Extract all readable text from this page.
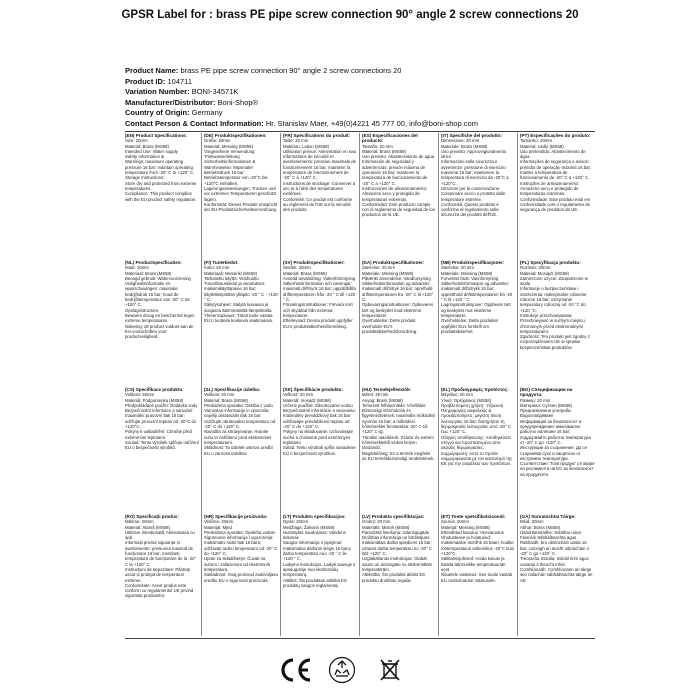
GPSR Label for : brass PE pipe screw connection 90° angle 2 screw connections 20
Product Name: brass PE pipe screw connection 90° angle 2 screw connections 20
Product ID: 104711
Variation Number: BONI-34571K
Manufacturer/Distributor: Boni-Shop®
Country of Origin: Germany
Contact Person & Contact Information: Hr. Stanislav Maer, +49(0)4221 45 777 00, info@boni-shop.com
(EN) Product Specifications:
Size: 20mm
Material: Brass (MS58)
Intended Use: Water supply
Safety Information &
Warnings: maximum operating pressure 16 bar; maintain operating temperature from -20° C to +120° C.
Storage Instructions:
Store dry and protected from extreme temperatures.
Compliance: This product complies with the EU product safety regulation.
(NL) Productspecificaties:
Maat: 20mm
Materiaal: Brass (MS58)
Beoogd gebruik: Watervoorziening
Veiligheidsinformatie en waarschuwingen: maximale bedrijfsdruk 16 bar; houd de bedrijfstemperatuur van -20° C tot +120° C.
Opslaginstructies:
Bewaren droog en beschermd tegen extreme temperaturen.
Naleving: dit product voldoet aan de EU-voorschriften voor productveiligheid.
(CS) Specifikace produktu:
Velikost: 20mm
Materiál: Podporsenka (MS58)
Předpokládané použití: Dodávka vody
Bezpečnostní informace a varování: maximální pracovní tlak 16 bar; udržujte provozní teplotu od -20°C do +120°C.
Pokyny k uskladnění: Chraňte před extrémními teplotami.
Soulad: Tento výrobek splňuje nařízení EU o bezpečnosti výrobků.
(RO) Specificații produs:
Mărime: 20mm
Material: Alamă (MS58)
Utilizare intenționată: Alimentarea cu apă
Informații privind siguranța și avertismente: presiunea maximă de funcționare 16 bar; mențineți temperatura de funcționare de la -20° C la +120° C.
Instrucțiuni de depozitare: Păstrați uscat și protejat de temperaturi extreme.
Conformitate: Acest produs este conform cu regulamentul UE privind siguranța produselor.
(DE) Produktspezifikationen:
Größe: 20mm
Material: Messing (MS58)
Vorgesehene Verwendung: Trinkwasserleitung
Sicherheitsinformationen & Warnhinweise: Maximaler Betriebsdruck 16 bar; Betriebstemperatur von -20°C bis +120°C einhalten.
Lagerungsanweisungen: Trocken und vor extremen Temperaturen geschützt lagern.
Konformität: Dieses Produkt entspricht der EU-Produktsicherheitsverordnung.
(FI) Tuotetiedot:
Koko: 20 mm
Materiaali: Messinki (MS58)
Tarkoitettu käyttö: Vesihuolto
Turvallisuustiedot ja varoitukset: maksimikäyttöpaine 16 bar; käyttölämpötilan ylläpito -20 ° C - +120 ° C.
Säilytysohjeet: Säilytä kuivassa ja suojassa äärimmäisiltä lämpötiloilta.
Yhteensopivuus: Tämä tuote vastaa EU:n tuotteita koskevia vaatimuksia.
(SL) Specifikacije izdelka:
Velikost: 20 mm
Material: Brass (MS58)
Predvidena uporaba: Oskrba z vodo
Varnostne informacije in opozorila: najvišji obratovalni tlak 16 bar; vzdržujte obratovalno temperaturo od -20° C do +120° C.
Navodila za shranjevanje: Hranite suho in zaščiteno pred ekstremnimi temperaturami.
Skladnost: Ta izdelek ustreza uredbi EU o varnosti izdelkov.
(HR) Specifikacije proizvoda:
Veličina: 20mm
Materijal: Mjed
Predviđena uporaba: Opskrba vodom
Sigurnosne informacije i upozorenja: maksimalni radni tlak 16 bara; održavati radnu temperaturu od -20° C do +120° C.
Upute za skladištenje: Čuvati na suhom i zaštićenom od ekstremnih temperatura.
Sukladnost: Ovaj proizvod zadovoljava uredbu EU o sigurnosti proizvoda.
(FR) Spécifications du produit:
Taille: 20 mm
Matériau: Laiton (MS58)
Utilisation prévue: Alimentation en eau
Informations de sécurité et avertissements: pression maximale de fonctionnement 16 bar; maintenir la température de fonctionnement de -20° C à +120° C.
Instructions de stockage: Conserver à sec et à l'abri des températures extrêmes.
Conformité: Ce produit est conforme au règlement de l'UE sur la sécurité des produits.
(SV) Produktspecifikationer:
Storlek: 20mm
Material: Brass (MS58)
Avsedd användning: Vattenförsörjning
Säkerhetsinformation och varningar: maximalt drifttryck 16 bar; upprätthålla drifttemperaturen från -20 ° C till +120 ° C.
Förvaringsinstruktioner: Förvara torrt och skyddad från extrema temperaturer.
Efterlevnad: Denna produkt uppfyller EU:s produktsäkerhetsförordning.
(SK) Špecifikácie produktu:
Veľkosť: 20 mm
Materiál: mosadz (MS58)
Určené použitie: Zásobovanie vodou
Bezpečnostné informácie a varovania: maximálny prevádzkový tlak 16 bar; udržiavajte prevádzkovú teplotu od -20° C do +120° C.
Pokyny na skladovanie: Uchovávajte suché a chránené pred extrémnymi teplotami.
Súlad: Tento výrobok spĺňa nariadenie EÚ o bezpečnosti výrobkov.
(LT) Produkto specifikacijos:
Dydis: 20mm
Medžiaga: Žalvaris (MS58)
Numatytas naudojimas: Vandens tiekimas
Saugos informacija ir įspėjimai: maksimalus darbinis slėgis 16 barų; darbo temperatūra nuo -20 ° C iki +120 ° C.
Laikymo instrukcijos: Laikyti sausoje ir apsaugotoje nuo ekstremalių temperatūrų.
Atitiktis: Šis produktas atitinka ES produktų saugos reglamentą.
(ES) Especificaciones del producto:
Tamaño: 20 mm
Material: Brass (MS58)
Uso previsto: Abastecimiento de agua
Información de seguridad y advertencias: presión máxima de operación 16 bar; mantener la temperatura de funcionamiento de -20° C a +120° C.
Instrucciones de almacenamiento: Almacene seco y protegido de temperaturas extremas.
Conformidad: Este producto cumple con el reglamento de seguridad de los productos de la UE.
(DA) Produktspecifikationer:
Størrelse: 20 mm
Materiale: Messing (MS58)
Påtænkt anvendelse: Vandforsyning
Sikkerhedsinformation og advarsler: maksimalt driftstryk 16 bar; oprethold driftstemperaturen fra -20° C til +120° C.
Opbevaringsinstruktioner: Opbevares tørt og beskyttet mod ekstreme temperaturer.
Overholdelse: Dette produkt overholder EU's produktsikkerhedsforordning.
(HU) Termékjellemzők:
Méret: 20 mm
Anyag: Brass (MS58)
Tervezett felhasználás: Vízellátás
Biztonsági információk és figyelmeztetések: maximális működési nyomás 16 bar; a működési hőmérséklet fenntartása -20° C-tól +120° C-ig.
Tárolási utasítások: Száraz és extrém hőmérséklettől védett helyen tárolandó.
Megfelelőség: Ez a termék megfelel az EU termékbiztonsági rendeletének.
(LV) Produkta specifikācijas:
Izmērs: 20 mm
Materiāls: Misiņš (MS58)
Paredzētā lietošana: Ūdensapgāde
Drošības informācija un brīdinājumi: maksimālais darba spiediens 16 bar; uzturiet darba temperatūru no -20° C līdz +120° C.
Uzglabāšanas instrukcijas: Glabāt sausu un aizsargātu no ekstremālām temperatūrām.
Atbilstība: Šis produkts atbilst ES produktu drošības regulai.
(IT) Specifiche del prodotto:
Dimensione: 20 mm
Materiale: Brass (MS58)
Uso previsto: Approvvigionamento idrico
Informazioni sulla sicurezza e avvertenze: pressione di esercizio massima 16 bar; mantenere la temperatura di esercizio da -20°C a +120°C.
Istruzioni per la conservazione: Conservare secco e protetto dalle temperature estreme.
Conformità: Questo prodotto è conforme al regolamento sulla sicurezza dei prodotti dell'UE.
(NB) Produktspesifikasjoner:
Størrelse: 20 mm
Materiale: Messing (MS58)
Forventet bruk: Vannforsyning
Sikkerhetsinformasjon og advarsler: maksimalt driftstrykk 16 bar; oppretthold driftstemperaturen fra -20 ° C til +120 ° C.
Lagringsinstruksjoner: Oppbevar tørt og beskyttet mot ekstreme temperaturer.
Overholdelse: Dette produktet oppfyller EUs forskrift om produktsikkerhet.
(EL) Προδιαγραφές προϊόντος:
Μέγεθος: 20 mm
Υλικό: Ορείχαλκος (MS58)
Προβλεπόμενη χρήση: Ύδρευση
Πληροφορίες ασφαλείας & προειδοποιήσεις: μέγιστη πίεση λειτουργίας 16 bar; διατηρήστε τη θερμοκρασία λειτουργίας από -20° C έως +120° C.
Οδηγίες αποθήκευσης: Αποθηκεύστε στεγνό και προστατευμένο από ακραίες θερμοκρασίες.
Συμμόρφωση: Αυτό το προϊόν συμμορφώνεται με τον κανονισμό της ΕΕ για την ασφάλεια των προϊόντων.
(ET) Toote spetsifikatsioonid:
Suurus: 20mm
Materjal: Messing (MS58)
Ettenähtud kasutus: Veevarustus
Ohutusteave ja hoiatused: maksimaalne töörõhk 16 baari; hoidke töötemperatuuri vahemikus -20°C kuni +120°C.
Säilitamisjuhised: Hoida kuivas ja kaitsta äärmuslike temperatuuride eest.
Nõuetele vastavus: See toode vastab ELi tooteohutuse määrusele.
(PT) Especificações do produto:
Tamanho: 20mm
Material: Latão (MS58)
Uso pretendido: Abastecimento de água
Informações de segurança e avisos: pressão de operação máxima 16 bar; manter a temperatura de funcionamento de -20° C a +120° C.
Instruções de armazenamento: Armazene seco e protegido de temperaturas extremas.
Conformidade: Este produto está em conformidade com o regulamento de segurança de produtos da UE.
(PL) Specyfikacja produktu:
Rozmiar: 20mm
Materiał: Mosiądz (MS58)
Zamierzone użycie: Zaopatrzenie w wodę
Informacje o bezpieczeństwie i ostrzeżenia: maksymalne ciśnienie robocze 16 bar; utrzymanie temperatury roboczej od -20 °C do +120 °C.
Instrukcje przechowywania: Przechowywać w suchym miejscu, chronionym przed ekstremalnymi temperaturami.
Zgodność: Ten produkt jest zgodny z rozporządzeniem UE w sprawie bezpieczeństwa produktów.
(BG) Спецификации на продукта:
Размер: 20 mm
Материал: Сутеен (MS58)
Предназначена употреба: Водоснабдяване
Информация за безопасност и предупреждения: максимално работно налягане 16 bar; поддържайте работна температура от -20° C до +120° C.
Инструкции за съхранение: Да се съхранява сухо и защитено от екстремни температури.
Съответствие: Този продукт отговаря на регламента на ЕС за безопасност на продуктите.
(GA) Sonraíochtaí Táirge:
Méid: 20mm
Ábhar: Brass (MS58)
Úsáid Beartaithe: Soláthar uisce
Faisnéis Sábháilteachta agus Rabhaidh: brú oibriúcháin uasta 16 bar; coinnigh an teocht oibriúcháin ó -20° C go +120° C.
Treoracha Stórála: Stóráil tirim agus cosanta ó theocht mhór.
Comhlíonadh: Comhlíonann an táirge seo rialachán sábháilteachta táirge an AE.
